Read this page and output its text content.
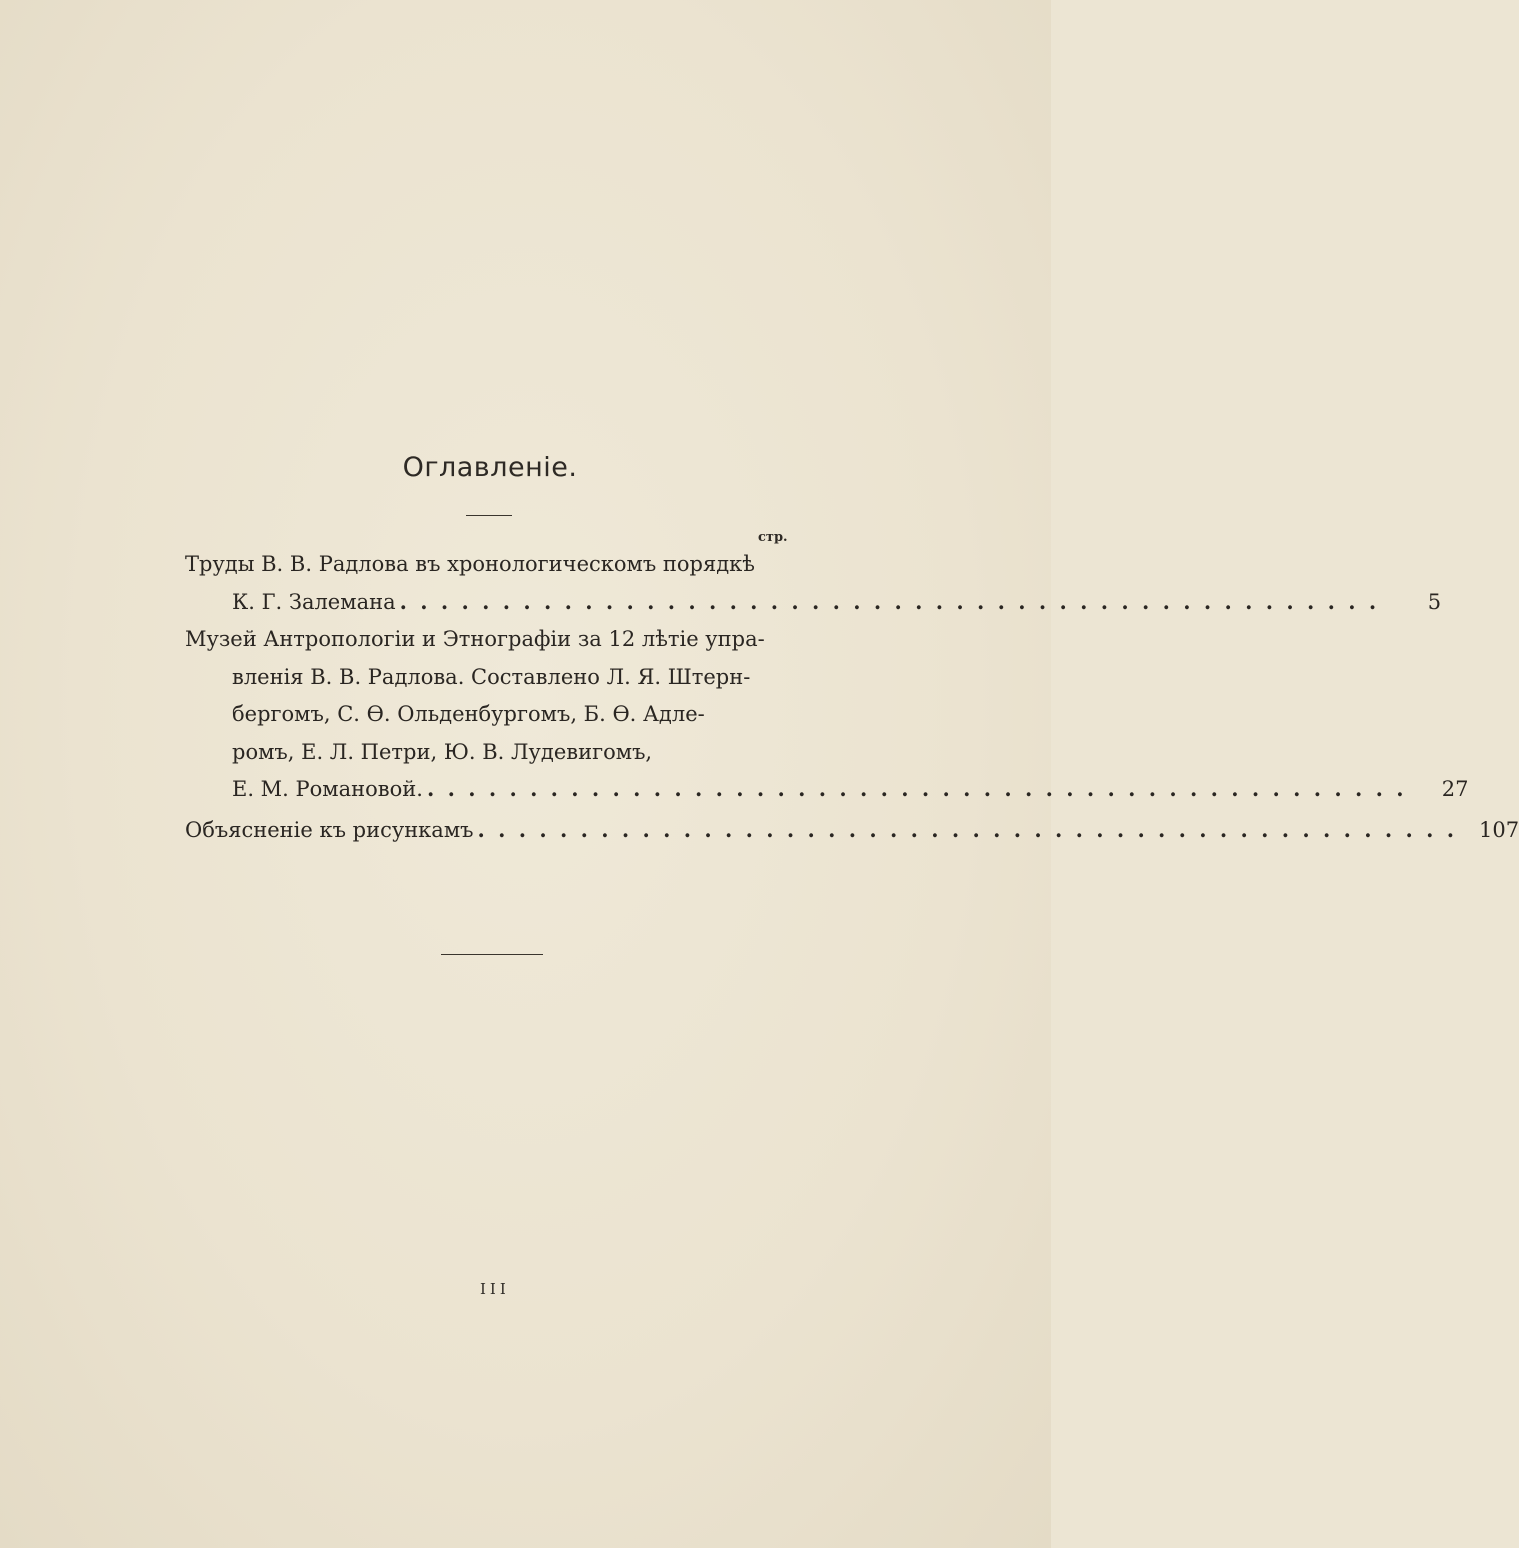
Оглавленіе.
стр.
Труды В. В. Радлова въ хронологическомъ порядкѣ
К. Г. Залемана . . . . . . . . . . . . . . . . . . . . . . . . . . . . . . . . . . . . . . . . . . . . . . . .	5
Музей Антропологіи и Этнографіи за 12 лѣтіе упра-
вленія В. В. Радлова. Составлено Л. Я. Штерн-
бергомъ, С. Ѳ. Ольденбургомъ, Б. Ѳ. Адле-
ромъ, Е. Л. Петри, Ю. В. Лудевигомъ,
Е. М. Романовой. . . . . . . . . . . . . . . . . . . . . . . . . . . . . . . . . . . . . . . . . . . . . . . . .	27
Объясненіе къ рисункамъ . . . . . . . . . . . . . . . . . . . . . . . . . . . . . . . . . . . . . . . . . . . . . . . .	107
III
